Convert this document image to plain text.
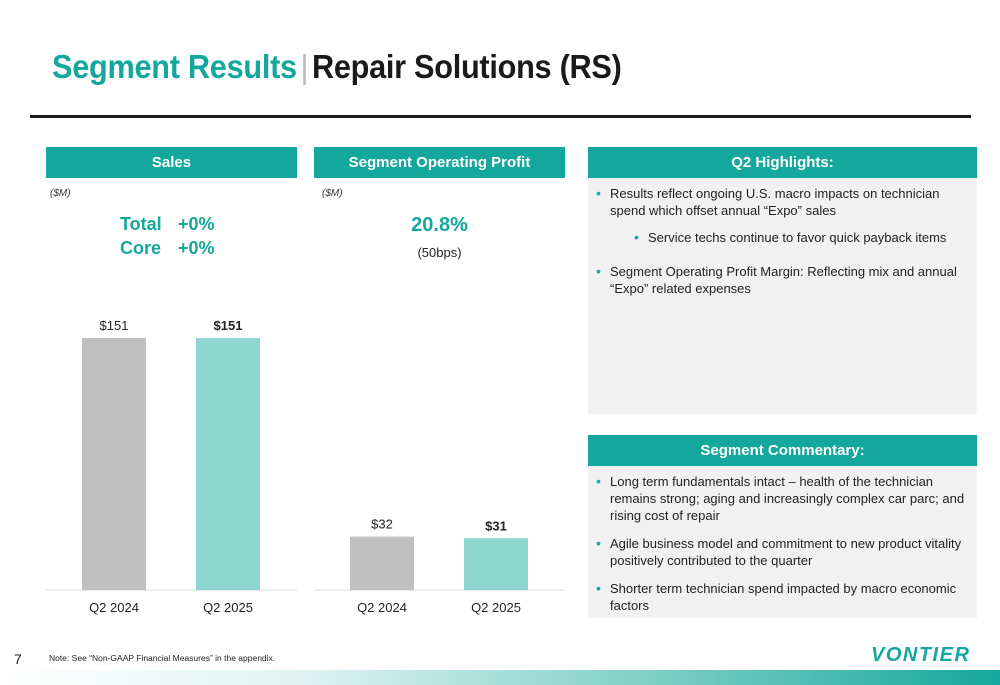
Segment Results | Repair Solutions (RS)
Sales
($M)
Total +0%
Core +0%
$151
Q2 2024
$151
Q2 2025
Segment Operating Profit
($M)
20.8%
(50bps)
$32
Q2 2024
$31
Q2 2025
Q2 Highlights:
• Results reflect ongoing U.S. macro impacts on technician spend which offset annual “Expo” sales
• Service techs continue to favor quick payback items
• Segment Operating Profit Margin: Reflecting mix and annual “Expo” related expenses
Segment Commentary:
• Long term fundamentals intact – health of the technician remains strong; aging and increasingly complex car parc; and rising cost of repair
• Agile business model and commitment to new product vitality positively contributed to the quarter
• Shorter term technician spend impacted by macro economic factors
7	Note: See “Non-GAAP Financial Measures” in the appendix.	VONTIER
